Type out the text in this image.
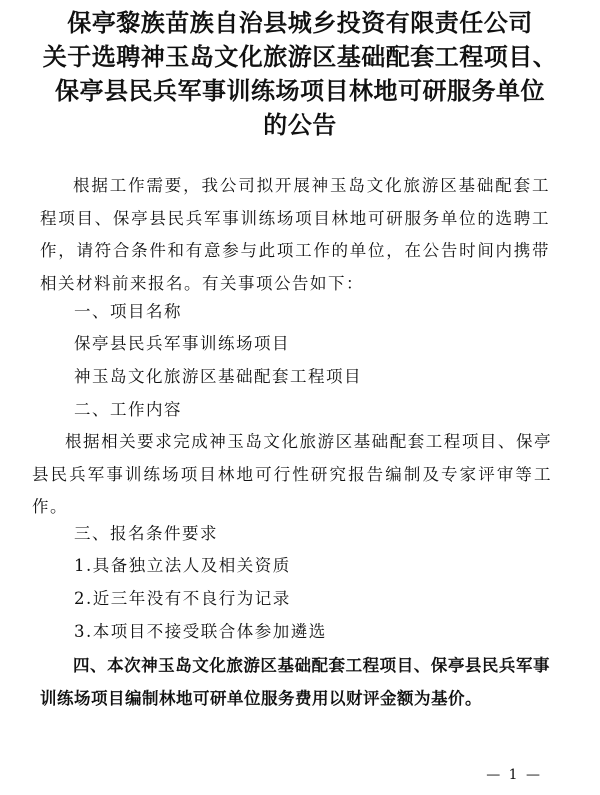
保亭黎族苗族自治县城乡投资有限责任公司
关于选聘神玉岛文化旅游区基础配套工程项目、
保亭县民兵军事训练场项目林地可研服务单位
的公告
根据工作需要，我公司拟开展神玉岛文化旅游区基础配套工程项目、保亭县民兵军事训练场项目林地可研服务单位的选聘工作，请符合条件和有意参与此项工作的单位，在公告时间内携带相关材料前来报名。有关事项公告如下：
一、项目名称
保亭县民兵军事训练场项目
神玉岛文化旅游区基础配套工程项目
二、工作内容
根据相关要求完成神玉岛文化旅游区基础配套工程项目、保亭县民兵军事训练场项目林地可行性研究报告编制及专家评审等工作。
三、报名条件要求
1.具备独立法人及相关资质
2.近三年没有不良行为记录
3.本项目不接受联合体参加遴选
四、本次神玉岛文化旅游区基础配套工程项目、保亭县民兵军事训练场项目编制林地可研单位服务费用以财评金额为基价。
— 1 —
